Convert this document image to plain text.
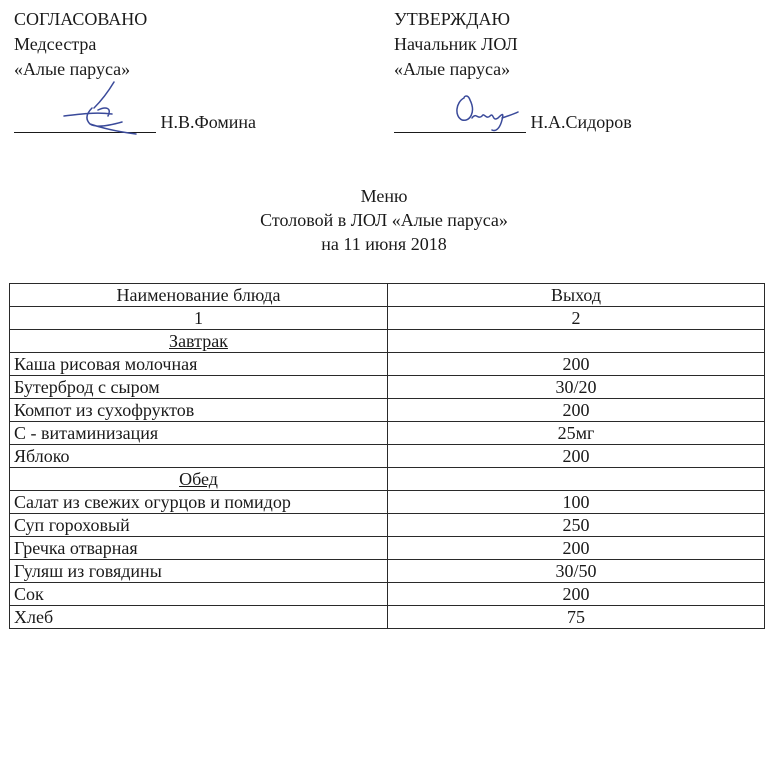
СОГЛАСОВАНО
Медсестра
«Алые паруса»
Н.В.Фомина
УТВЕРЖДАЮ
Начальник ЛОЛ
«Алые паруса»
Н.А.Сидоров
Меню
Столовой в ЛОЛ «Алые паруса»
на 11 июня 2018
Наименование блюда	Выход
1	2
Завтрак	
Каша рисовая молочная	200
Бутерброд с сыром	30/20
Компот из сухофруктов	200
С - витаминизация	25мг
Яблоко	200
Обед	
Салат из свежих огурцов и помидор	100
Суп гороховый	250
Гречка отварная	200
Гуляш из говядины	30/50
Сок	200
Хлеб	75
